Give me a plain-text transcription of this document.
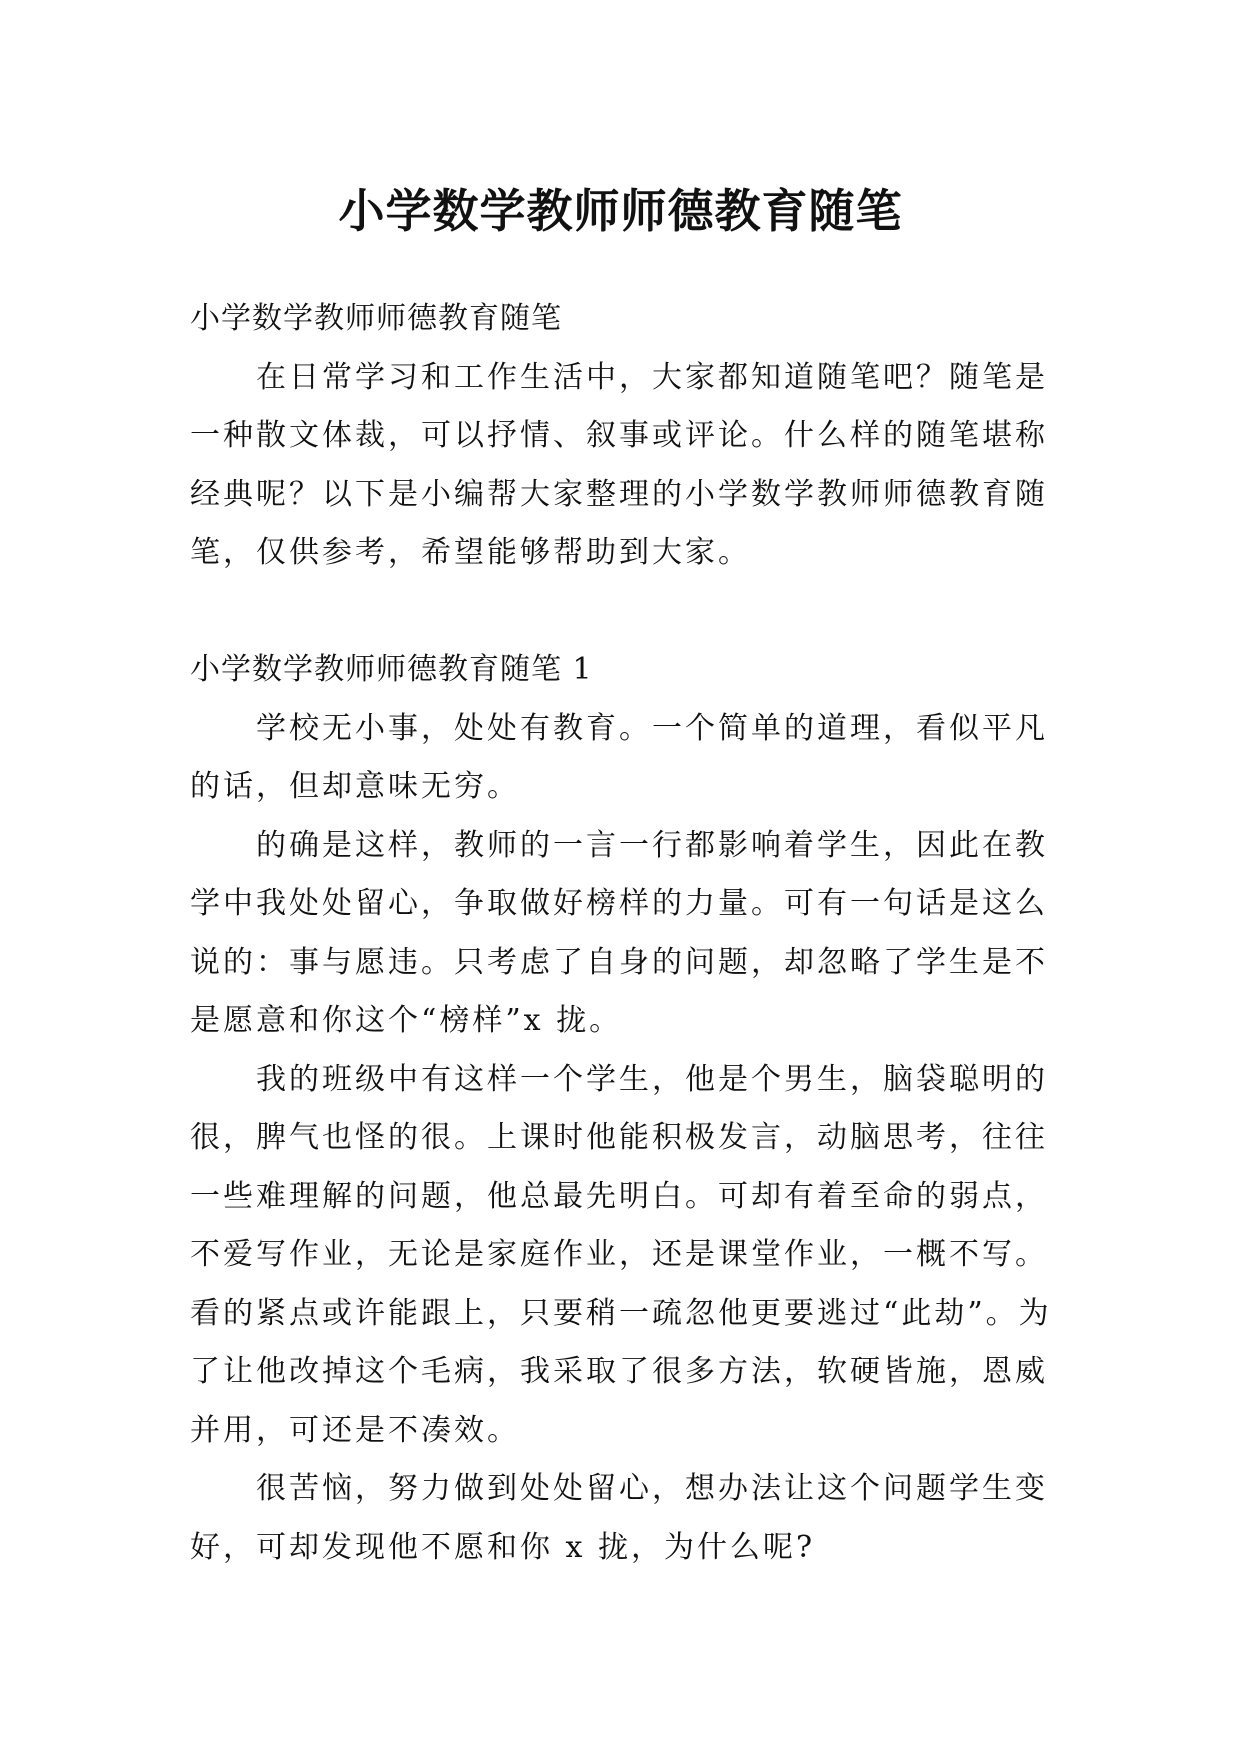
小学数学教师师德教育随笔

小学数学教师师德教育随笔

在日常学习和工作生活中，大家都知道随笔吧？随笔是一种散文体裁，可以抒情、叙事或评论。什么样的随笔堪称经典呢？以下是小编帮大家整理的小学数学教师师德教育随笔，仅供参考，希望能够帮助到大家。

小学数学教师师德教育随笔 1

学校无小事，处处有教育。一个简单的道理，看似平凡的话，但却意味无穷。

的确是这样，教师的一言一行都影响着学生，因此在教学中我处处留心，争取做好榜样的力量。可有一句话是这么说的：事与愿违。只考虑了自身的问题，却忽略了学生是不是愿意和你这个“榜样”x 拢。

我的班级中有这样一个学生，他是个男生，脑袋聪明的很，脾气也怪的很。上课时他能积极发言，动脑思考，往往一些难理解的问题，他总最先明白。可却有着至命的弱点，不爱写作业，无论是家庭作业，还是课堂作业，一概不写。看的紧点或许能跟上，只要稍一疏忽他更要逃过“此劫”。为了让他改掉这个毛病，我采取了很多方法，软硬皆施，恩威并用，可还是不凑效。

很苦恼，努力做到处处留心，想办法让这个问题学生变好，可却发现他不愿和你 x 拢，为什么呢?
